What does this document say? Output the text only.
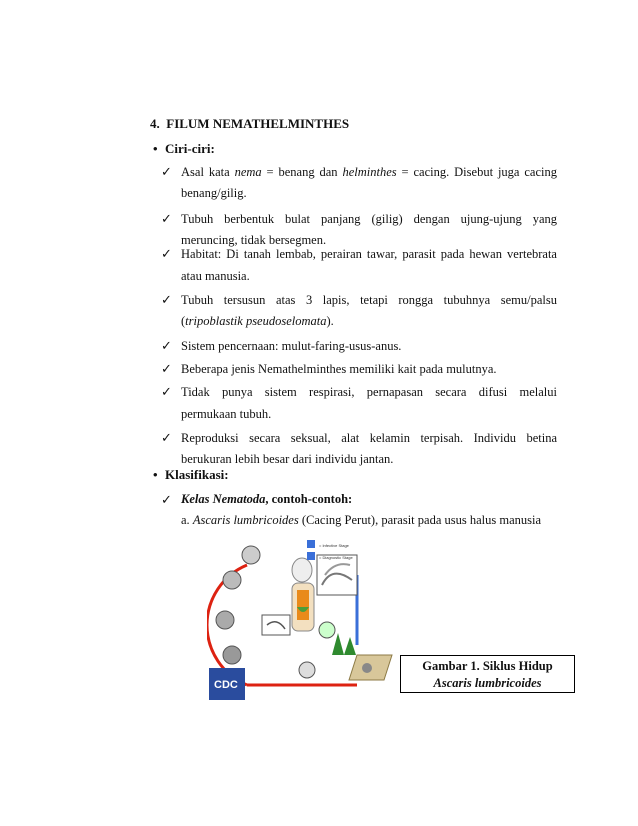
4. FILUM NEMATHELMINTHES
• Ciri-ciri:
✓ Asal kata nema = benang dan helminthes = cacing. Disebut juga cacing
benang/gilig.
✓ Tubuh berbentuk bulat panjang (gilig) dengan ujung-ujung yang
meruncing, tidak bersegmen.
✓ Habitat: Di tanah lembab, perairan tawar, parasit pada hewan vertebrata
atau manusia.
✓ Tubuh tersusun atas 3 lapis, tetapi rongga tubuhnya semu/palsu
(tripoblastik pseudoselomata).
✓ Sistem pencernaan: mulut-faring-usus-anus.
✓ Beberapa jenis Nemathelminthes memiliki kait pada mulutnya.
✓ Tidak punya sistem respirasi, pernapasan secara difusi melalui
permukaan tubuh.
✓ Reproduksi secara seksual, alat kelamin terpisah. Individu betina
berukuran lebih besar dari individu jantan.
• Klasifikasi:
✓ Kelas Nematoda, contoh-contoh:
a. Ascaris lumbricoides (Cacing Perut), parasit pada usus halus manusia
CDC
= Infective Stage
= Diagnostic Stage
Gambar 1. Siklus Hidup
Ascaris lumbricoides
